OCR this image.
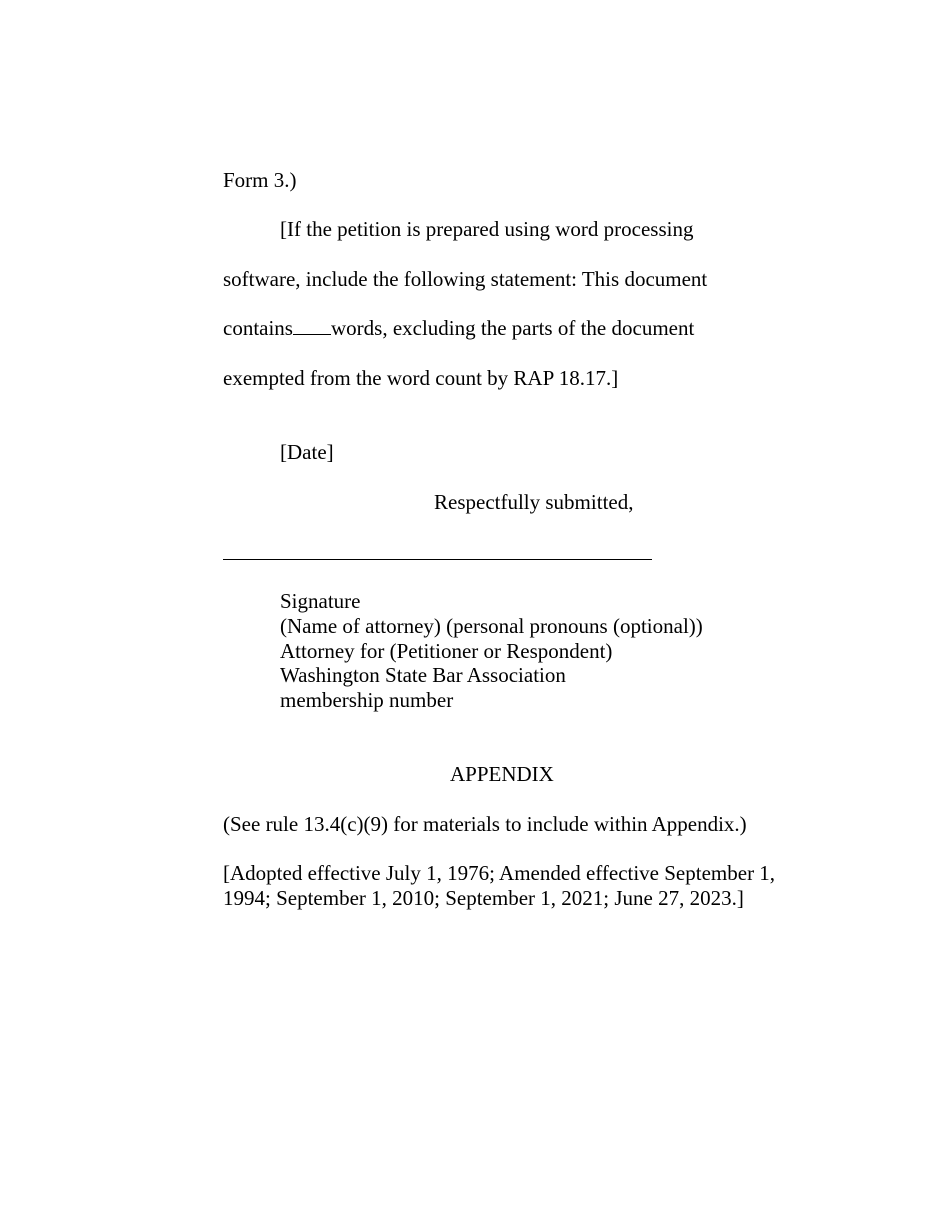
Form 3.)
[If the petition is prepared using word processing
software, include the following statement: This document
contains words, excluding the parts of the document
exempted from the word count by RAP 18.17.]
[Date]
Respectfully submitted,
Signature
(Name of attorney) (personal pronouns (optional))
Attorney for (Petitioner or Respondent)
Washington State Bar Association
membership number
APPENDIX
(See rule 13.4(c)(9) for materials to include within Appendix.)
[Adopted effective July 1, 1976; Amended effective September 1, 1994; September 1, 2010; September 1, 2021; June 27, 2023.]
